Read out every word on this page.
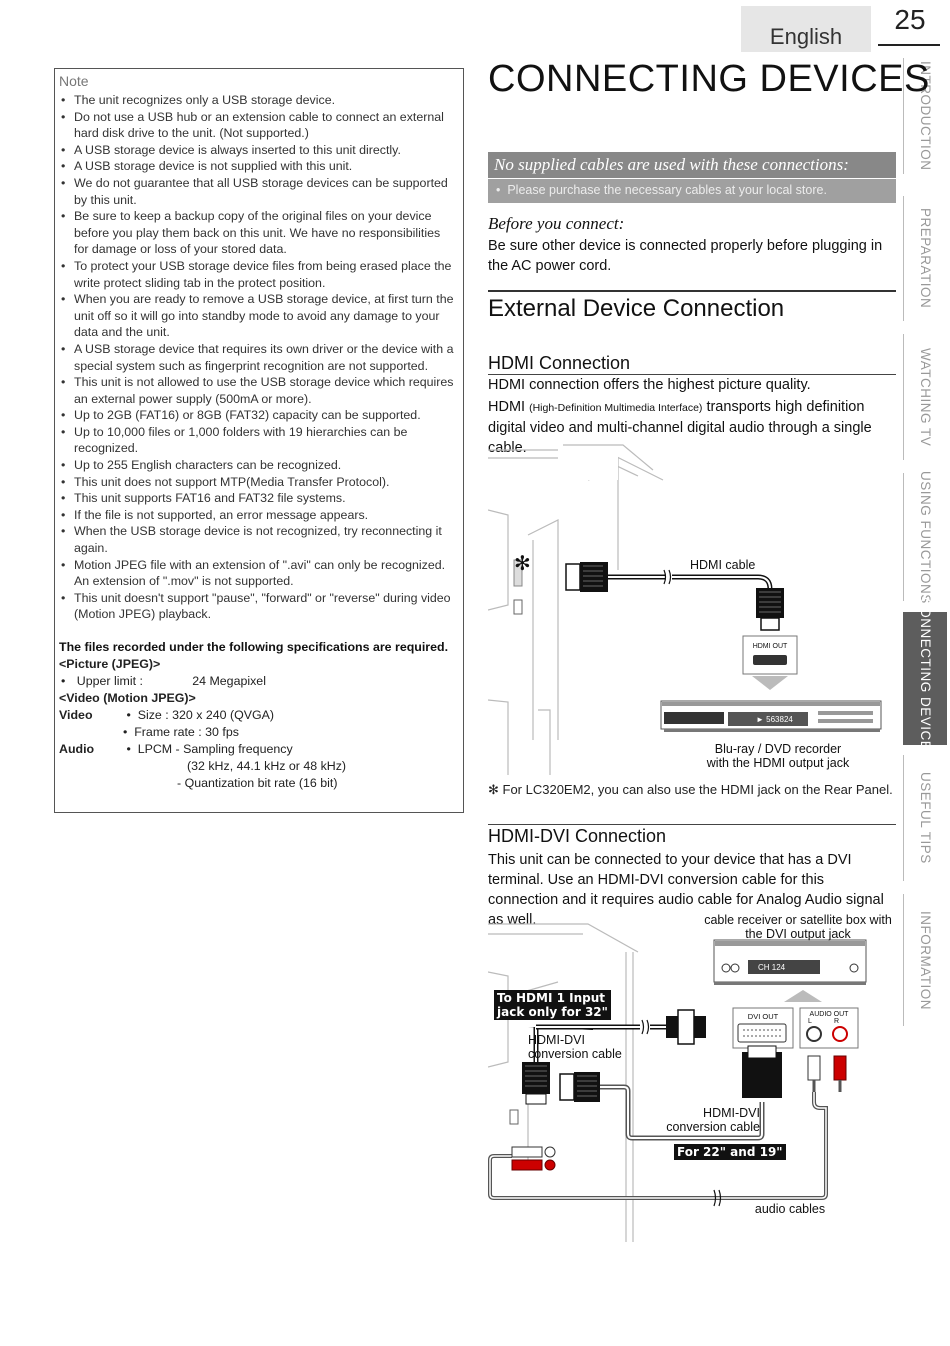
English
25
INTRODUCTION
PREPARATION
WATCHING TV
USING FUNCTIONS
CONNECTING DEVICES
USEFUL TIPS
INFORMATION
Note
• The unit recognizes only a USB storage device.
• Do not use a USB hub or an extension cable to connect an external hard disk drive to the unit. (Not supported.)
• A USB storage device is always inserted to this unit directly.
• A USB storage device is not supplied with this unit.
• We do not guarantee that all USB storage devices can be supported by this unit.
• Be sure to keep a backup copy of the original files on your device before you play them back on this unit. We have no responsibilities for damage or loss of your stored data.
• To protect your USB storage device files from being erased place the write protect sliding tab in the protect position.
• When you are ready to remove a USB storage device, at first turn the unit off so it will go into standby mode to avoid any damage to your data and the unit.
• A USB storage device that requires its own driver or the device with a special system such as fingerprint recognition are not supported.
• This unit is not allowed to use the USB storage device which requires an external power supply (500mA or more).
• Up to 2GB (FAT16) or 8GB (FAT32) capacity can be supported.
• Up to 10,000 files or 1,000 folders with 19 hierarchies can be recognized.
• Up to 255 English characters can be recognized.
• This unit does not support MTP(Media Transfer Protocol).
• This unit supports FAT16 and FAT32 file systems.
• If the file is not supported, an error message appears.
• When the USB storage device is not recognized, try reconnecting it again.
• Motion JPEG file with an extension of ".avi" can only be recognized. An extension of ".mov" is not supported.
• This unit doesn't support "pause", "forward" or "reverse" during video (Motion JPEG) playback.
The files recorded under the following specifications are required.
<Picture (JPEG)>
• Upper limit :	24 Megapixel
<Video (Motion JPEG)>
Video	• Size : 320 x 240 (QVGA)
• Frame rate : 30 fps
Audio	• LPCM - Sampling frequency
(32 kHz, 44.1 kHz or 48 kHz)
- Quantization bit rate (16 bit)
CONNECTING DEVICES
No supplied cables are used with these connections:
•  Please purchase the necessary cables at your local store.
Before you connect:
Be sure other device is connected properly before plugging in the AC power cord.
External Device Connection
HDMI Connection
HDMI connection offers the highest picture quality.
HDMI (High-Definition Multimedia Interface) transports high definition digital video and multi-channel digital audio through a single cable.
✻	HDMI cable
HDMI OUT
► 563824
Blu-ray / DVD recorder
with the HDMI output jack
✻ For LC320EM2, you can also use the HDMI jack on the Rear Panel.
HDMI-DVI Connection
This unit can be connected to your device that has a DVI terminal. Use an HDMI-DVI conversion cable for this connection and it requires audio cable for Analog Audio signal as well.	cable receiver or satellite box with
the DVI output jack
CH 124
To HDMI 1 Input
jack only for 32"
HDMI-DVI
conversion cable
HDMI-DVI
conversion cable
For 22" and 19"
DVI OUT	AUDIO OUT
L	R
audio cables
